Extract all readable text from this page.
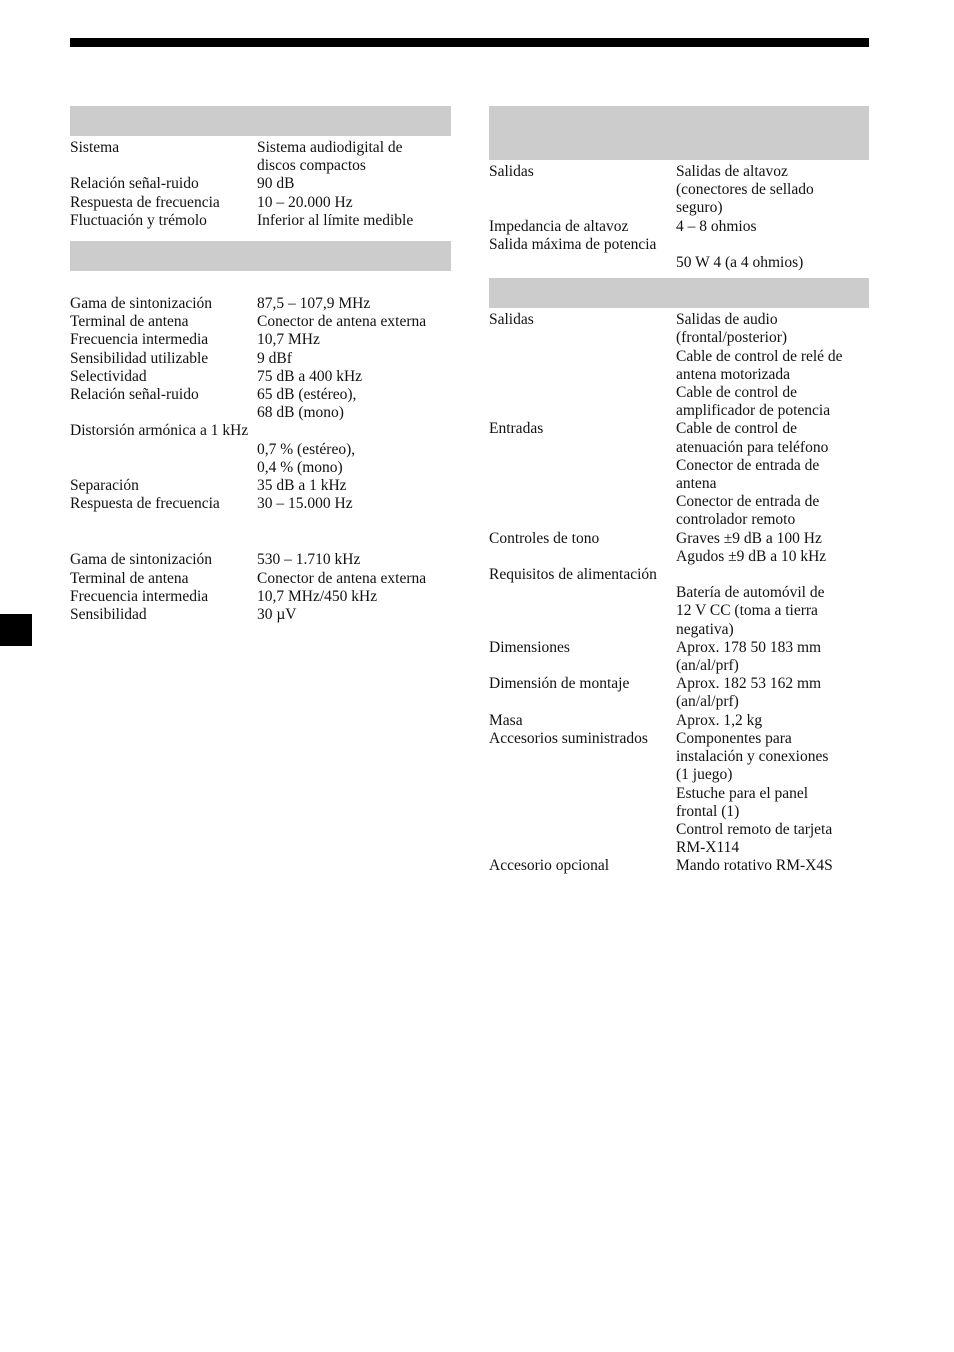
Sistema	Sistema audiodigital de
discos compactos
Relación señal-ruido	90 dB
Respuesta de frecuencia	10 – 20.000 Hz
Fluctuación y trémolo	Inferior al límite medible
Gama de sintonización	87,5 – 107,9 MHz
Terminal de antena	Conector de antena externa
Frecuencia intermedia	10,7 MHz
Sensibilidad utilizable	9 dBf
Selectividad	75 dB a 400 kHz
Relación señal-ruido	65 dB (estéreo),
68 dB (mono)
Distorsión armónica a 1 kHz
0,7 % (estéreo),
0,4 % (mono)
Separación	35 dB a 1 kHz
Respuesta de frecuencia	30 – 15.000 Hz
Gama de sintonización	530 – 1.710 kHz
Terminal de antena	Conector de antena externa
Frecuencia intermedia	10,7 MHz/450 kHz
Sensibilidad	30 µV
Salidas	Salidas de altavoz
(conectores de sellado
seguro)
Impedancia de altavoz	4 – 8 ohmios
Salida máxima de potencia
50 W 4 (a 4 ohmios)
Salidas	Salidas de audio
(frontal/posterior)
Cable de control de relé de
antena motorizada
Cable de control de
amplificador de potencia
Entradas	Cable de control de
atenuación para teléfono
Conector de entrada de
antena
Conector de entrada de
controlador remoto
Controles de tono	Graves ±9 dB a 100 Hz
Agudos ±9 dB a 10 kHz
Requisitos de alimentación
Batería de automóvil de
12 V CC (toma a tierra
negativa)
Dimensiones	Aprox. 178 50 183 mm
(an/al/prf)
Dimensión de montaje	Aprox. 182 53 162 mm
(an/al/prf)
Masa	Aprox. 1,2 kg
Accesorios suministrados	Componentes para
instalación y conexiones
(1 juego)
Estuche para el panel
frontal (1)
Control remoto de tarjeta
RM-X114
Accesorio opcional	Mando rotativo RM-X4S
